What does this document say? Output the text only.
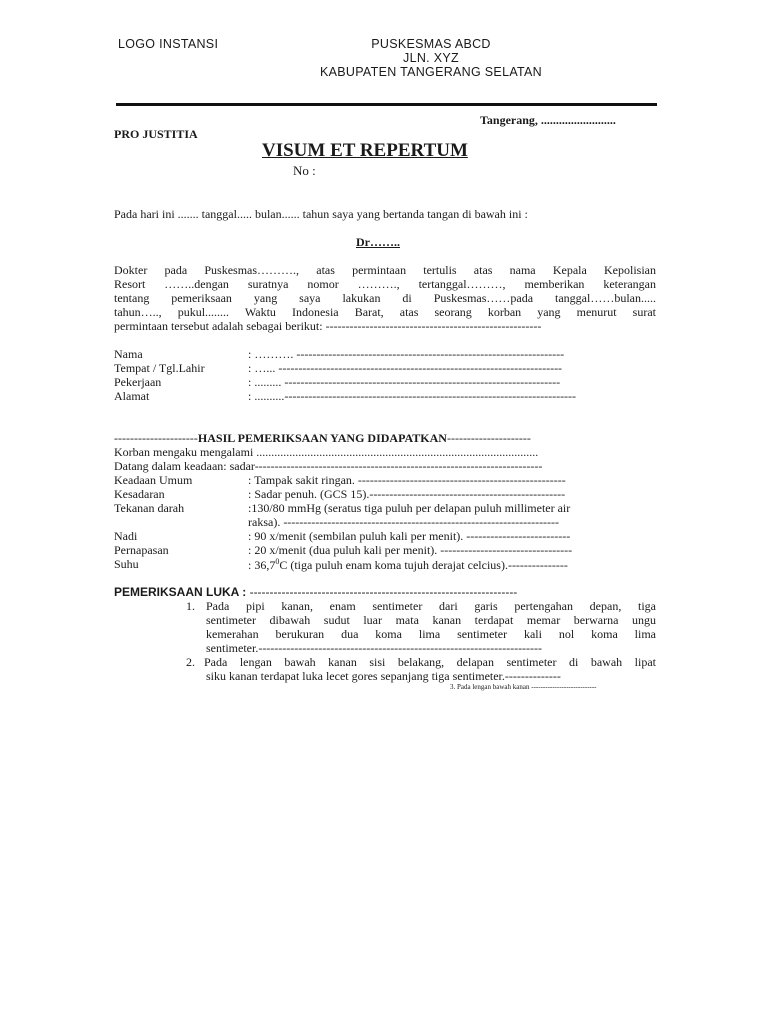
LOGO INSTANSI	PUSKESMAS ABCD
JLN. XYZ
KABUPATEN TANGERANG SELATAN
Tangerang, .........................
PRO JUSTITIA
VISUM ET REPERTUM
No :
Pada hari ini ....... tanggal..... bulan...... tahun saya yang bertanda tangan di bawah ini :
Dr……..
Dokter pada Puskesmas………., atas permintaan tertulis atas nama Kepala Kepolisian
Resort ……..dengan suratnya nomor ………., tertanggal………, memberikan keterangan
tentang pemeriksaan yang saya lakukan di Puskesmas……pada tanggal……bulan.....
tahun….., pukul........ Waktu Indonesia Barat, atas seorang korban yang menurut surat
permintaan tersebut adalah sebagai berikut: ------------------------------------------------------
Nama	: ………. -------------------------------------------------------------------
Tempat / Tgl.Lahir	: …... -----------------------------------------------------------------------
Pekerjaan	: ......... ---------------------------------------------------------------------
Alamat	: ..........-------------------------------------------------------------------------
---------------------HASIL PEMERIKSAAN YANG DIDAPATKAN---------------------
Korban mengaku mengalami ..............................................................................................
Datang dalam keadaan: sadar------------------------------------------------------------------------
Keadaan Umum	: Tampak sakit ringan. ----------------------------------------------------
Kesadaran	: Sadar penuh. (GCS 15).-------------------------------------------------
Tekanan darah	:130/80 mmHg (seratus tiga puluh per delapan puluh millimeter air
raksa). ---------------------------------------------------------------------
Nadi	: 90 x/menit (sembilan puluh kali per menit). --------------------------
Pernapasan	: 20 x/menit (dua puluh kali per menit). ---------------------------------
Suhu	: 36,7$^0$C (tiga puluh enam koma tujuh derajat celcius).---------------
PEMERIKSAAN LUKA : -------------------------------------------------------------------
1. Pada pipi kanan, enam sentimeter dari garis pertengahan depan, tiga
sentimeter dibawah sudut luar mata kanan terdapat memar berwarna ungu
kemerahan berukuran dua koma lima sentimeter kali nol koma lima
sentimeter.-----------------------------------------------------------------------
2. Pada lengan bawah kanan sisi belakang, delapan sentimeter di bawah lipat
siku kanan terdapat luka lecet gores sepanjang tiga sentimeter.--------------
3. Pada lengan bawah kanan ----------------------------
